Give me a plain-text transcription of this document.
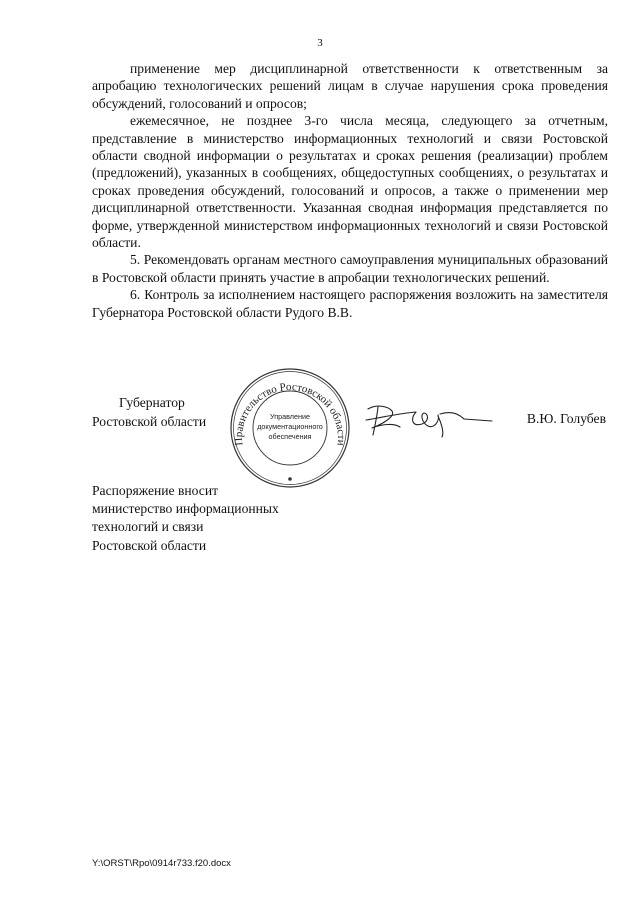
3

применение мер дисциплинарной ответственности к ответственным за апробацию технологических решений лицам в случае нарушения срока проведения обсуждений, голосований и опросов;

ежемесячное, не позднее 3-го числа месяца, следующего за отчетным, представление в министерство информационных технологий и связи Ростовской области сводной информации о результатах и сроках решения (реализации) проблем (предложений), указанных в сообщениях, общедоступных сообщениях, о результатах и сроках проведения обсуждений, голосований и опросов, а также о применении мер дисциплинарной ответственности. Указанная сводная информация представляется по форме, утвержденной министерством информационных технологий и связи Ростовской области.

5. Рекомендовать органам местного самоуправления муниципальных образований в Ростовской области принять участие в апробации технологических решений.

6. Контроль за исполнением настоящего распоряжения возложить на заместителя Губернатора Ростовской области Рудого В.В.

Губернатор
Ростовской области
Правительство Ростовской области
Управление
документационного
обеспечения
В.Ю. Голубев
Распоряжение вносит
министерство информационных
технологий и связи
Ростовской области
Y:\ORST\Rpo\0914r733.f20.docx
